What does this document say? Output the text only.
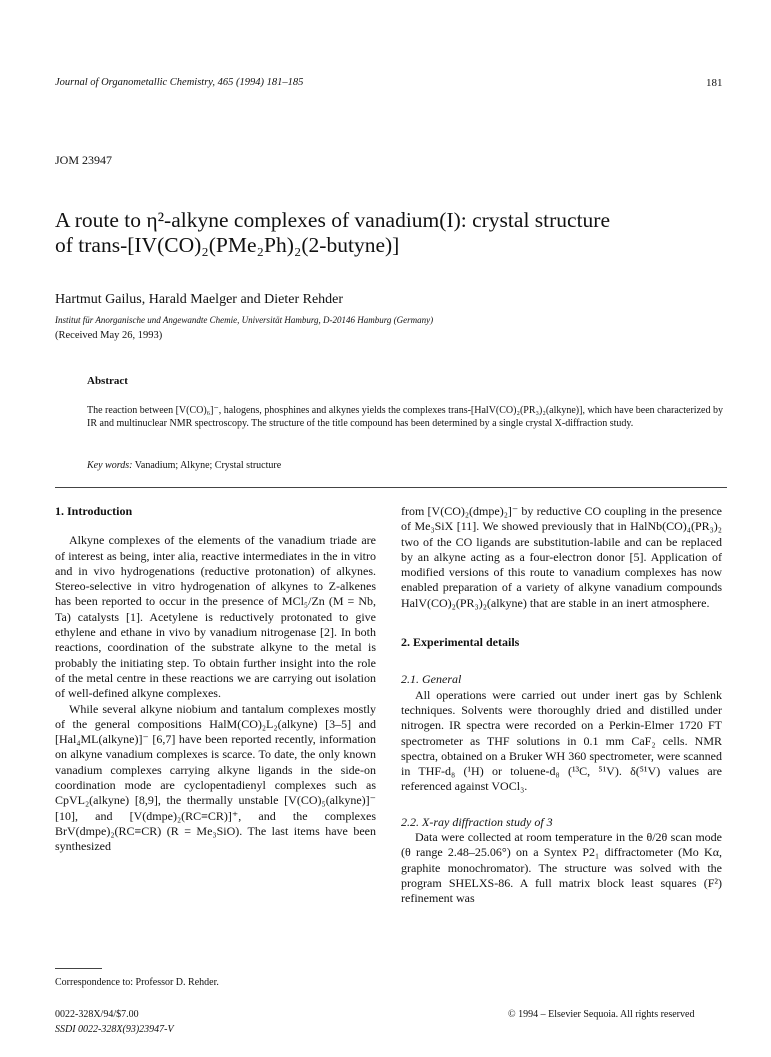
Journal of Organometallic Chemistry, 465 (1994) 181–185	181
JOM 23947
A route to η²-alkyne complexes of vanadium(I): crystal structure
of trans-[IV(CO)₂(PMe₂Ph)₂(2-butyne)]
Hartmut Gailus, Harald Maelger and Dieter Rehder
Institut für Anorganische und Angewandte Chemie, Universität Hamburg, D-20146 Hamburg (Germany)
(Received May 26, 1993)
Abstract
The reaction between [V(CO)₆]⁻, halogens, phosphines and alkynes yields the complexes trans-[HalV(CO)₂(PR₃)₂(alkyne)], which have been characterized by IR and multinuclear NMR spectroscopy. The structure of the title compound has been determined by a single crystal X-diffraction study.
Key words: Vanadium; Alkyne; Crystal structure
1. Introduction

Alkyne complexes of the elements of the vanadium triade are of interest as being, inter alia, reactive intermediates in the in vitro and in vivo hydrogenations (reductive protonation) of alkynes. Stereo-selective in vitro hydrogenation of alkynes to Z-alkenes has been reported to occur in the presence of MCl₅/Zn (M = Nb, Ta) catalysts [1]. Acetylene is reductively protonated to give ethylene and ethane in vivo by vanadium nitrogenase [2]. In both reactions, coordination of the substrate alkyne to the metal is probably the initiating step. To obtain further insight into the role of the metal centre in these reactions we are carrying out isolation of well-defined alkyne complexes.

While several alkyne niobium and tantalum complexes mostly of the general compositions HalM(CO)₂L₂(alkyne) [3–5] and [Hal₄ML(alkyne)]⁻ [6,7] have been reported recently, information on alkyne vanadium complexes is scarce. To date, the only known vanadium complexes carrying alkyne ligands in the side-on coordination mode are cyclopentadienyl complexes such as CpVL₂(alkyne) [8,9], the thermally unstable [V(CO)₅(alkyne)]⁻ [10], and [V(dmpe)₂(RC≡CR)]⁺, and the complexes BrV(dmpe)₂(RC≡CR) (R = Me₃SiO). The last items have been synthesized

from [V(CO)₂(dmpe)₂]⁻ by reductive CO coupling in the presence of Me₃SiX [11]. We showed previously that in HalNb(CO)₄(PR₃)₂ two of the CO ligands are substitution-labile and can be replaced by an alkyne acting as a four-electron donor [5]. Application of modified versions of this route to vanadium complexes has now enabled preparation of a variety of alkyne vanadium compounds HalV(CO)₂(PR₃)₂(alkyne) that are stable in an inert atmosphere.

2. Experimental details
2.1. General

All operations were carried out under inert gas by Schlenk techniques. Solvents were thoroughly dried and distilled under nitrogen. IR spectra were recorded on a Perkin-Elmer 1720 FT spectrometer as THF solutions in 0.1 mm CaF₂ cells. NMR spectra, obtained on a Bruker WH 360 spectrometer, were scanned in THF-d₈ (¹H) or toluene-d₈ (¹³C, ⁵¹V). δ(⁵¹V) values are referenced against VOCl₃.

2.2. X-ray diffraction study of 3

Data were collected at room temperature in the θ/2θ scan mode (θ range 2.48–25.06°) on a Syntex P2₁ diffractometer (Mo Kα, graphite monochromator). The structure was solved with the program SHELXS-86. A full matrix block least squares (F²) refinement was

Correspondence to: Professor D. Rehder.
0022-328X/94/$7.00
SSDI 0022-328X(93)23947-V
© 1994 – Elsevier Sequoia. All rights reserved
